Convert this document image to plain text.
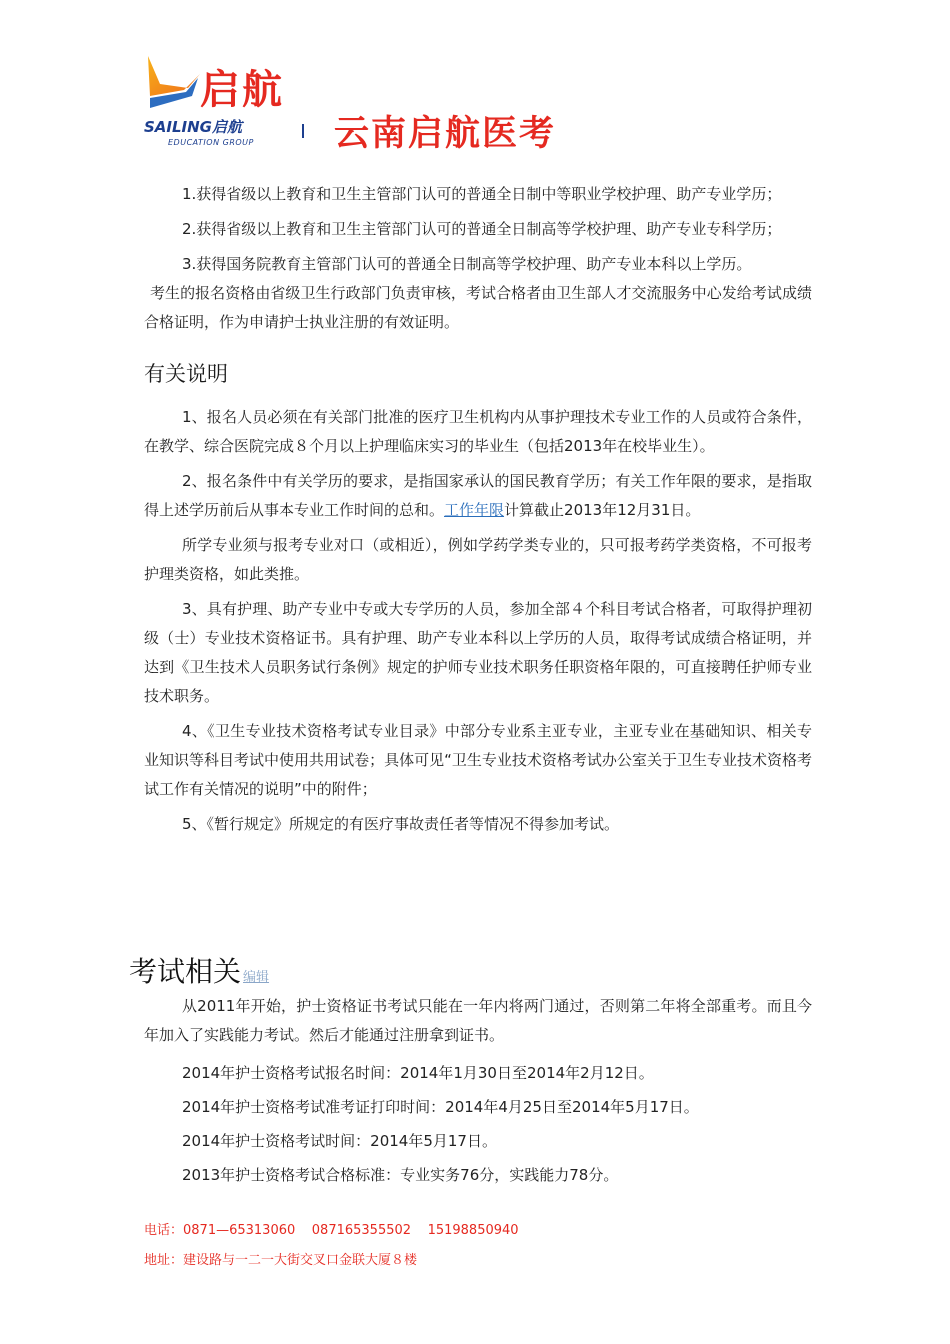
启航
SAILING启航
EDUCATION GROUP 云南启航医考

1.获得省级以上教育和卫生主管部门认可的普通全日制中等职业学校护理、助产专业学历；

2.获得省级以上教育和卫生主管部门认可的普通全日制高等学校护理、助产专业专科学历；

3.获得国务院教育主管部门认可的普通全日制高等学校护理、助产专业本科以上学历。

考生的报名资格由省级卫生行政部门负责审核，考试合格者由卫生部人才交流服务中心发给考试成绩合格证明，作为申请护士执业注册的有效证明。

有关说明

1、报名人员必须在有关部门批准的医疗卫生机构内从事护理技术专业工作的人员或符合条件，在教学、综合医院完成８个月以上护理临床实习的毕业生（包括2013年在校毕业生）。

2、报名条件中有关学历的要求，是指国家承认的国民教育学历；有关工作年限的要求，是指取得上述学历前后从事本专业工作时间的总和。工作年限计算截止2013年12月31日。

所学专业须与报考专业对口（或相近），例如学药学类专业的，只可报考药学类资格，不可报考护理类资格，如此类推。

3、具有护理、助产专业中专或大专学历的人员，参加全部４个科目考试合格者，可取得护理初级（士）专业技术资格证书。具有护理、助产专业本科以上学历的人员，取得考试成绩合格证明，并达到《卫生技术人员职务试行条例》规定的护师专业技术职务任职资格年限的，可直接聘任护师专业技术职务。

4、《卫生专业技术资格考试专业目录》中部分专业系主亚专业，主亚专业在基础知识、相关专业知识等科目考试中使用共用试卷；具体可见“卫生专业技术资格考试办公室关于卫生专业技术资格考试工作有关情况的说明”中的附件；

5、《暂行规定》所规定的有医疗事故责任者等情况不得参加考试。

考试相关 编辑

从2011年开始，护士资格证书考试只能在一年内将两门通过，否则第二年将全部重考。而且今年加入了实践能力考试。然后才能通过注册拿到证书。

2014年护士资格考试报名时间：2014年1月30日至2014年2月12日。

2014年护士资格考试准考证打印时间：2014年4月25日至2014年5月17日。

2014年护士资格考试时间：2014年5月17日。

2013年护士资格考试合格标准：专业实务76分，实践能力78分。

电话：0871—65313060    087165355502    15198850940
地址：建设路与一二一大街交叉口金联大厦８楼
